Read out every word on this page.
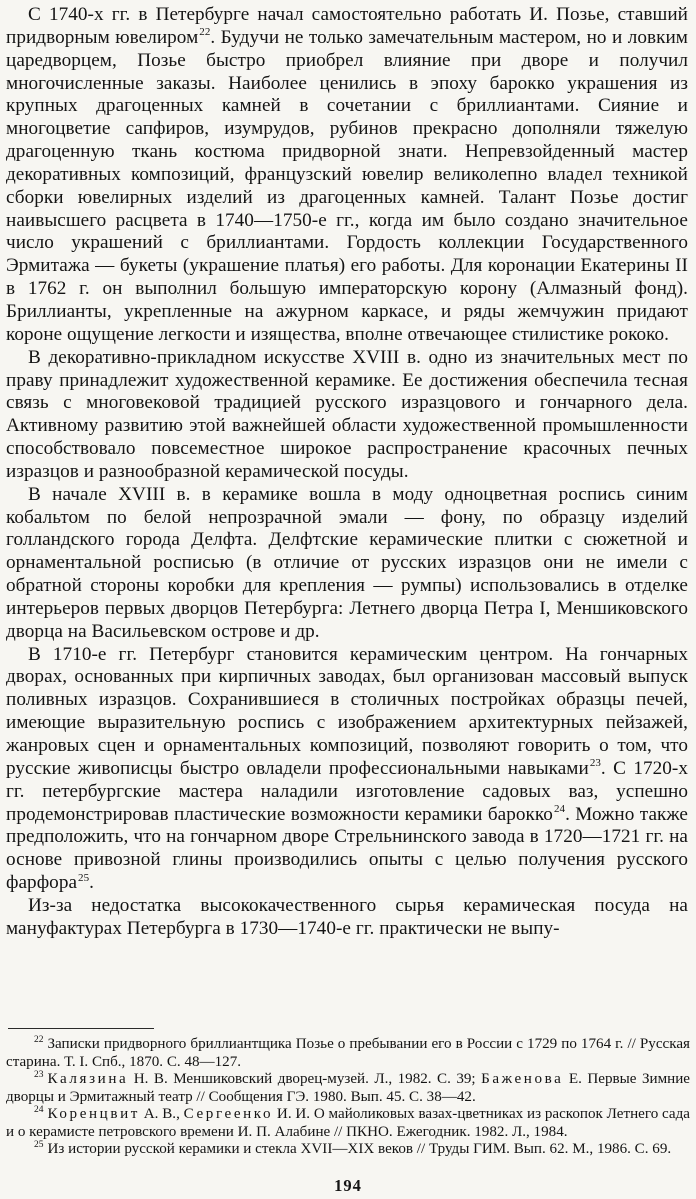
С 1740-х гг. в Петербурге начал самостоятельно работать И. Позье, ставший придворным ювелиром$^{22}$. Будучи не только замечательным мастером, но и ловким царедворцем, Позье быстро приобрел влияние при дворе и получил многочисленные заказы. Наиболее ценились в эпоху барокко украшения из крупных драгоценных камней в сочетании с бриллиантами. Сияние и многоцветие сапфиров, изумрудов, рубинов прекрасно дополняли тяжелую драгоценную ткань костюма придворной знати. Непревзойденный мастер декоративных композиций, французский ювелир великолепно владел техникой сборки ювелирных изделий из драгоценных камней. Талант Позье достиг наивысшего расцвета в 1740—1750-е гг., когда им было создано значительное число украшений с бриллиантами. Гордость коллекции Государственного Эрмитажа — букеты (украшение платья) его работы. Для коронации Екатерины II в 1762 г. он выполнил большую императорскую корону (Алмазный фонд). Бриллианты, укрепленные на ажурном каркасе, и ряды жемчужин придают короне ощущение легкости и изящества, вполне отвечающее стилистике рококо.

В декоративно-прикладном искусстве XVIII в. одно из значительных мест по праву принадлежит художественной керамике. Ее достижения обеспечила тесная связь с многовековой традицией русского изразцового и гончарного дела. Активному развитию этой важнейшей области художественной промышленности способствовало повсеместное широкое распространение красочных печных изразцов и разнообразной керамической посуды.

В начале XVIII в. в керамике вошла в моду одноцветная роспись синим кобальтом по белой непрозрачной эмали — фону, по образцу изделий голландского города Делфта. Делфтские керамические плитки с сюжетной и орнаментальной росписью (в отличие от русских изразцов они не имели с обратной стороны коробки для крепления — румпы) использовались в отделке интерьеров первых дворцов Петербурга: Летнего дворца Петра I, Меншиковского дворца на Васильевском острове и др.

В 1710-е гг. Петербург становится керамическим центром. На гончарных дворах, основанных при кирпичных заводах, был организован массовый выпуск поливных изразцов. Сохранившиеся в столичных постройках образцы печей, имеющие выразительную роспись с изображением архитектурных пейзажей, жанровых сцен и орнаментальных композиций, позволяют говорить о том, что русские живописцы быстро овладели профессиональными навыками$^{23}$. С 1720-х гг. петербургские мастера наладили изготовление садовых ваз, успешно продемонстрировав пластические возможности керамики барокко$^{24}$. Можно также предположить, что на гончарном дворе Стрельнинского завода в 1720—1721 гг. на основе привозной глины производились опыты с целью получения русского фарфора$^{25}$.

Из-за недостатка высококачественного сырья керамическая посуда на мануфактурах Петербурга в 1730—1740-е гг. практически не выпу-

$^{22}$ Записки придворного бриллиантщика Позье о пребывании его в России с 1729 по 1764 г. // Русская старина. Т. I. Спб., 1870. С. 48—127.

$^{23}$ Калязина Н. В. Меншиковский дворец-музей. Л., 1982. С. 39; Баженова Е. Первые Зимние дворцы и Эрмитажный театр // Сообщения ГЭ. 1980. Вып. 45. С. 38—42.

$^{24}$ Коренцвит А. В., Сергеенко И. И. О майоликовых вазах-цветниках из раскопок Летнего сада и о керамисте петровского времени И. П. Алабине // ПКНО. Ежегодник. 1982. Л., 1984.

$^{25}$ Из истории русской керамики и стекла XVII—XIX веков // Труды ГИМ. Вып. 62. М., 1986. С. 69.

194
